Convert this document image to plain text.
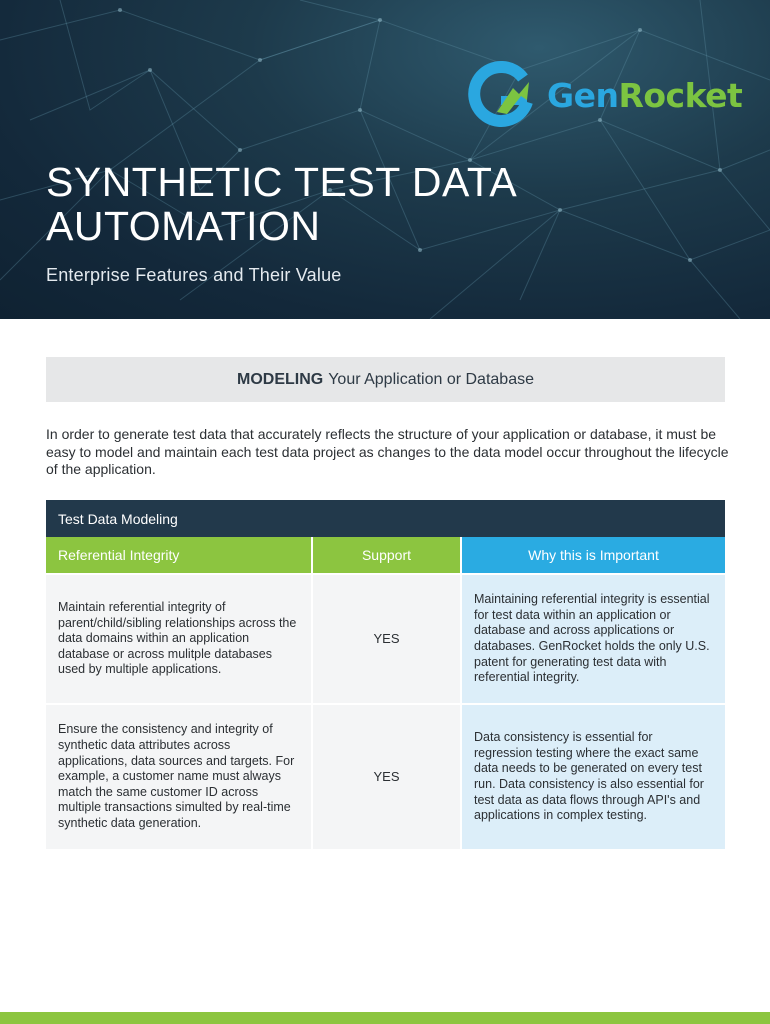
GenRocket
SYNTHETIC TEST DATA
AUTOMATION
Enterprise Features and Their Value
MODELING Your Application or Database

In order to generate test data that accurately reflects the structure of your application or database, it must be easy to model and maintain each test data project as changes to the data model occur throughout the lifecycle of the application.

Test Data Modeling
Referential Integrity	Support	Why this is Important
Maintain referential integrity of parent/child/sibling relationships across the data domains within an application database or across mulitple databases used by multiple applications.
YES
Maintaining referential integrity is essential for test data within an application or database and across applications or databases. GenRocket holds the only U.S. patent for generating test data with referential integrity.
Ensure the consistency and integrity of synthetic data attributes across applications, data sources and targets. For example, a customer name must always match the same customer ID across multiple transactions simulted by real-time synthetic data generation.
YES
Data consistency is essential for regression testing where the exact same data needs to be generated on every test run. Data consistency is also essential for test data as data flows through API's and applications in complex testing.
